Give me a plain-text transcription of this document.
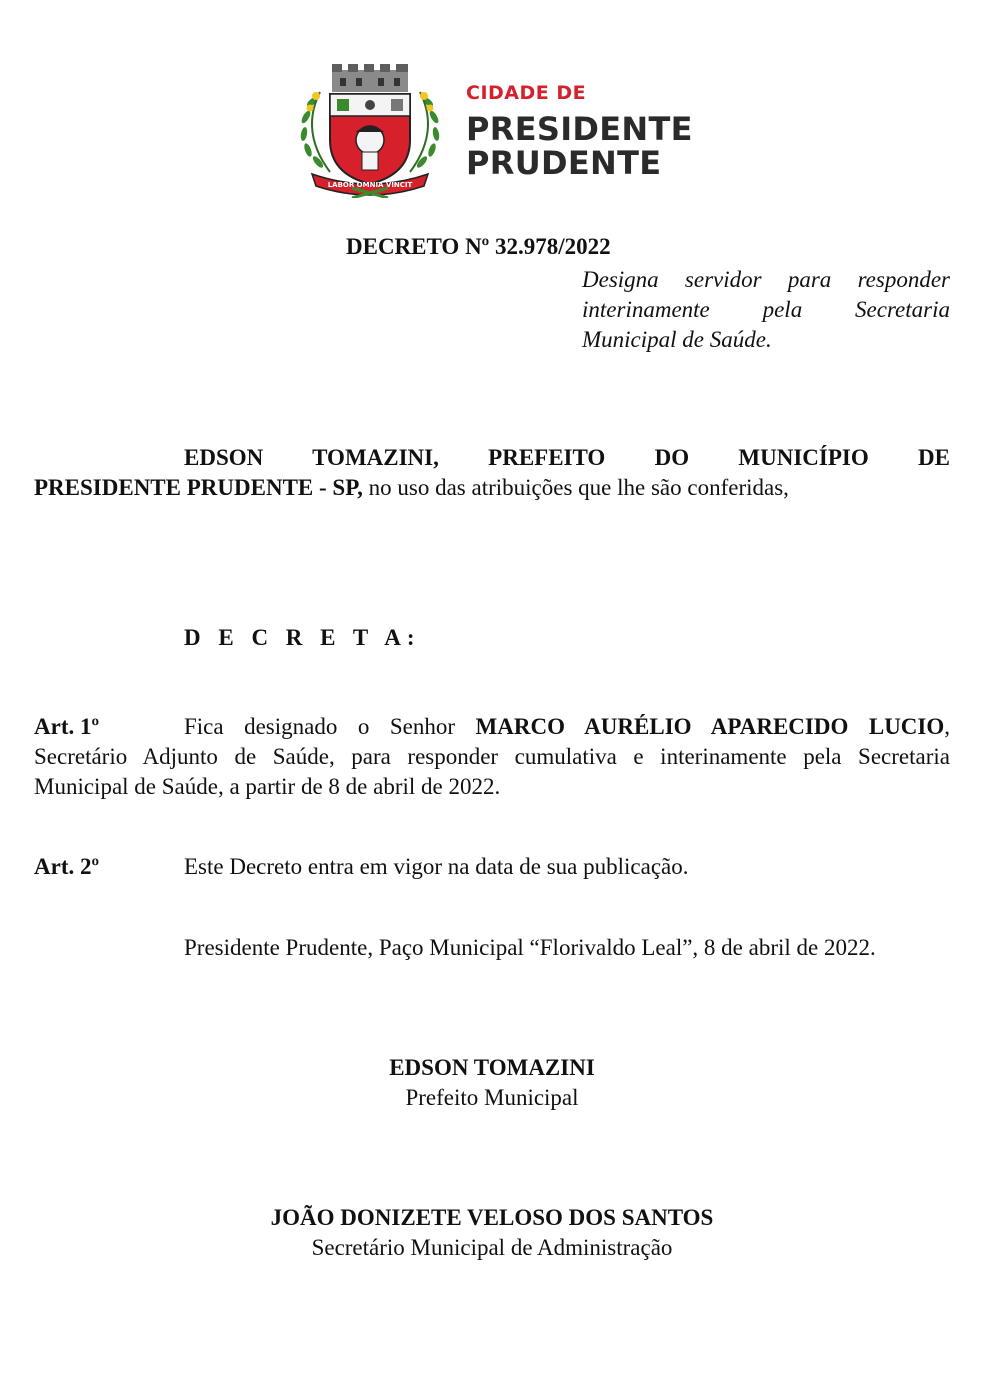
LABOR OMNIA VINCIT
CIDADE DE
PRESIDENTE
PRUDENTE
DECRETO Nº 32.978/2022
Designa servidor para responder
interinamente pela Secretaria
Municipal de Saúde.
EDSON TOMAZINI, PREFEITO DO MUNICÍPIO DE
PRESIDENTE PRUDENTE - SP, no uso das atribuições que lhe são conferidas,
D E C R E T A:
Art. 1º	Fica designado o Senhor MARCO AURÉLIO APARECIDO LUCIO,
Secretário Adjunto de Saúde, para responder cumulativa e interinamente pela Secretaria
Municipal de Saúde, a partir de 8 de abril de 2022.
Art. 2º	Este Decreto entra em vigor na data de sua publicação.
Presidente Prudente, Paço Municipal “Florivaldo Leal”, 8 de abril de 2022.
EDSON TOMAZINI
Prefeito Municipal
JOÃO DONIZETE VELOSO DOS SANTOS
Secretário Municipal de Administração
